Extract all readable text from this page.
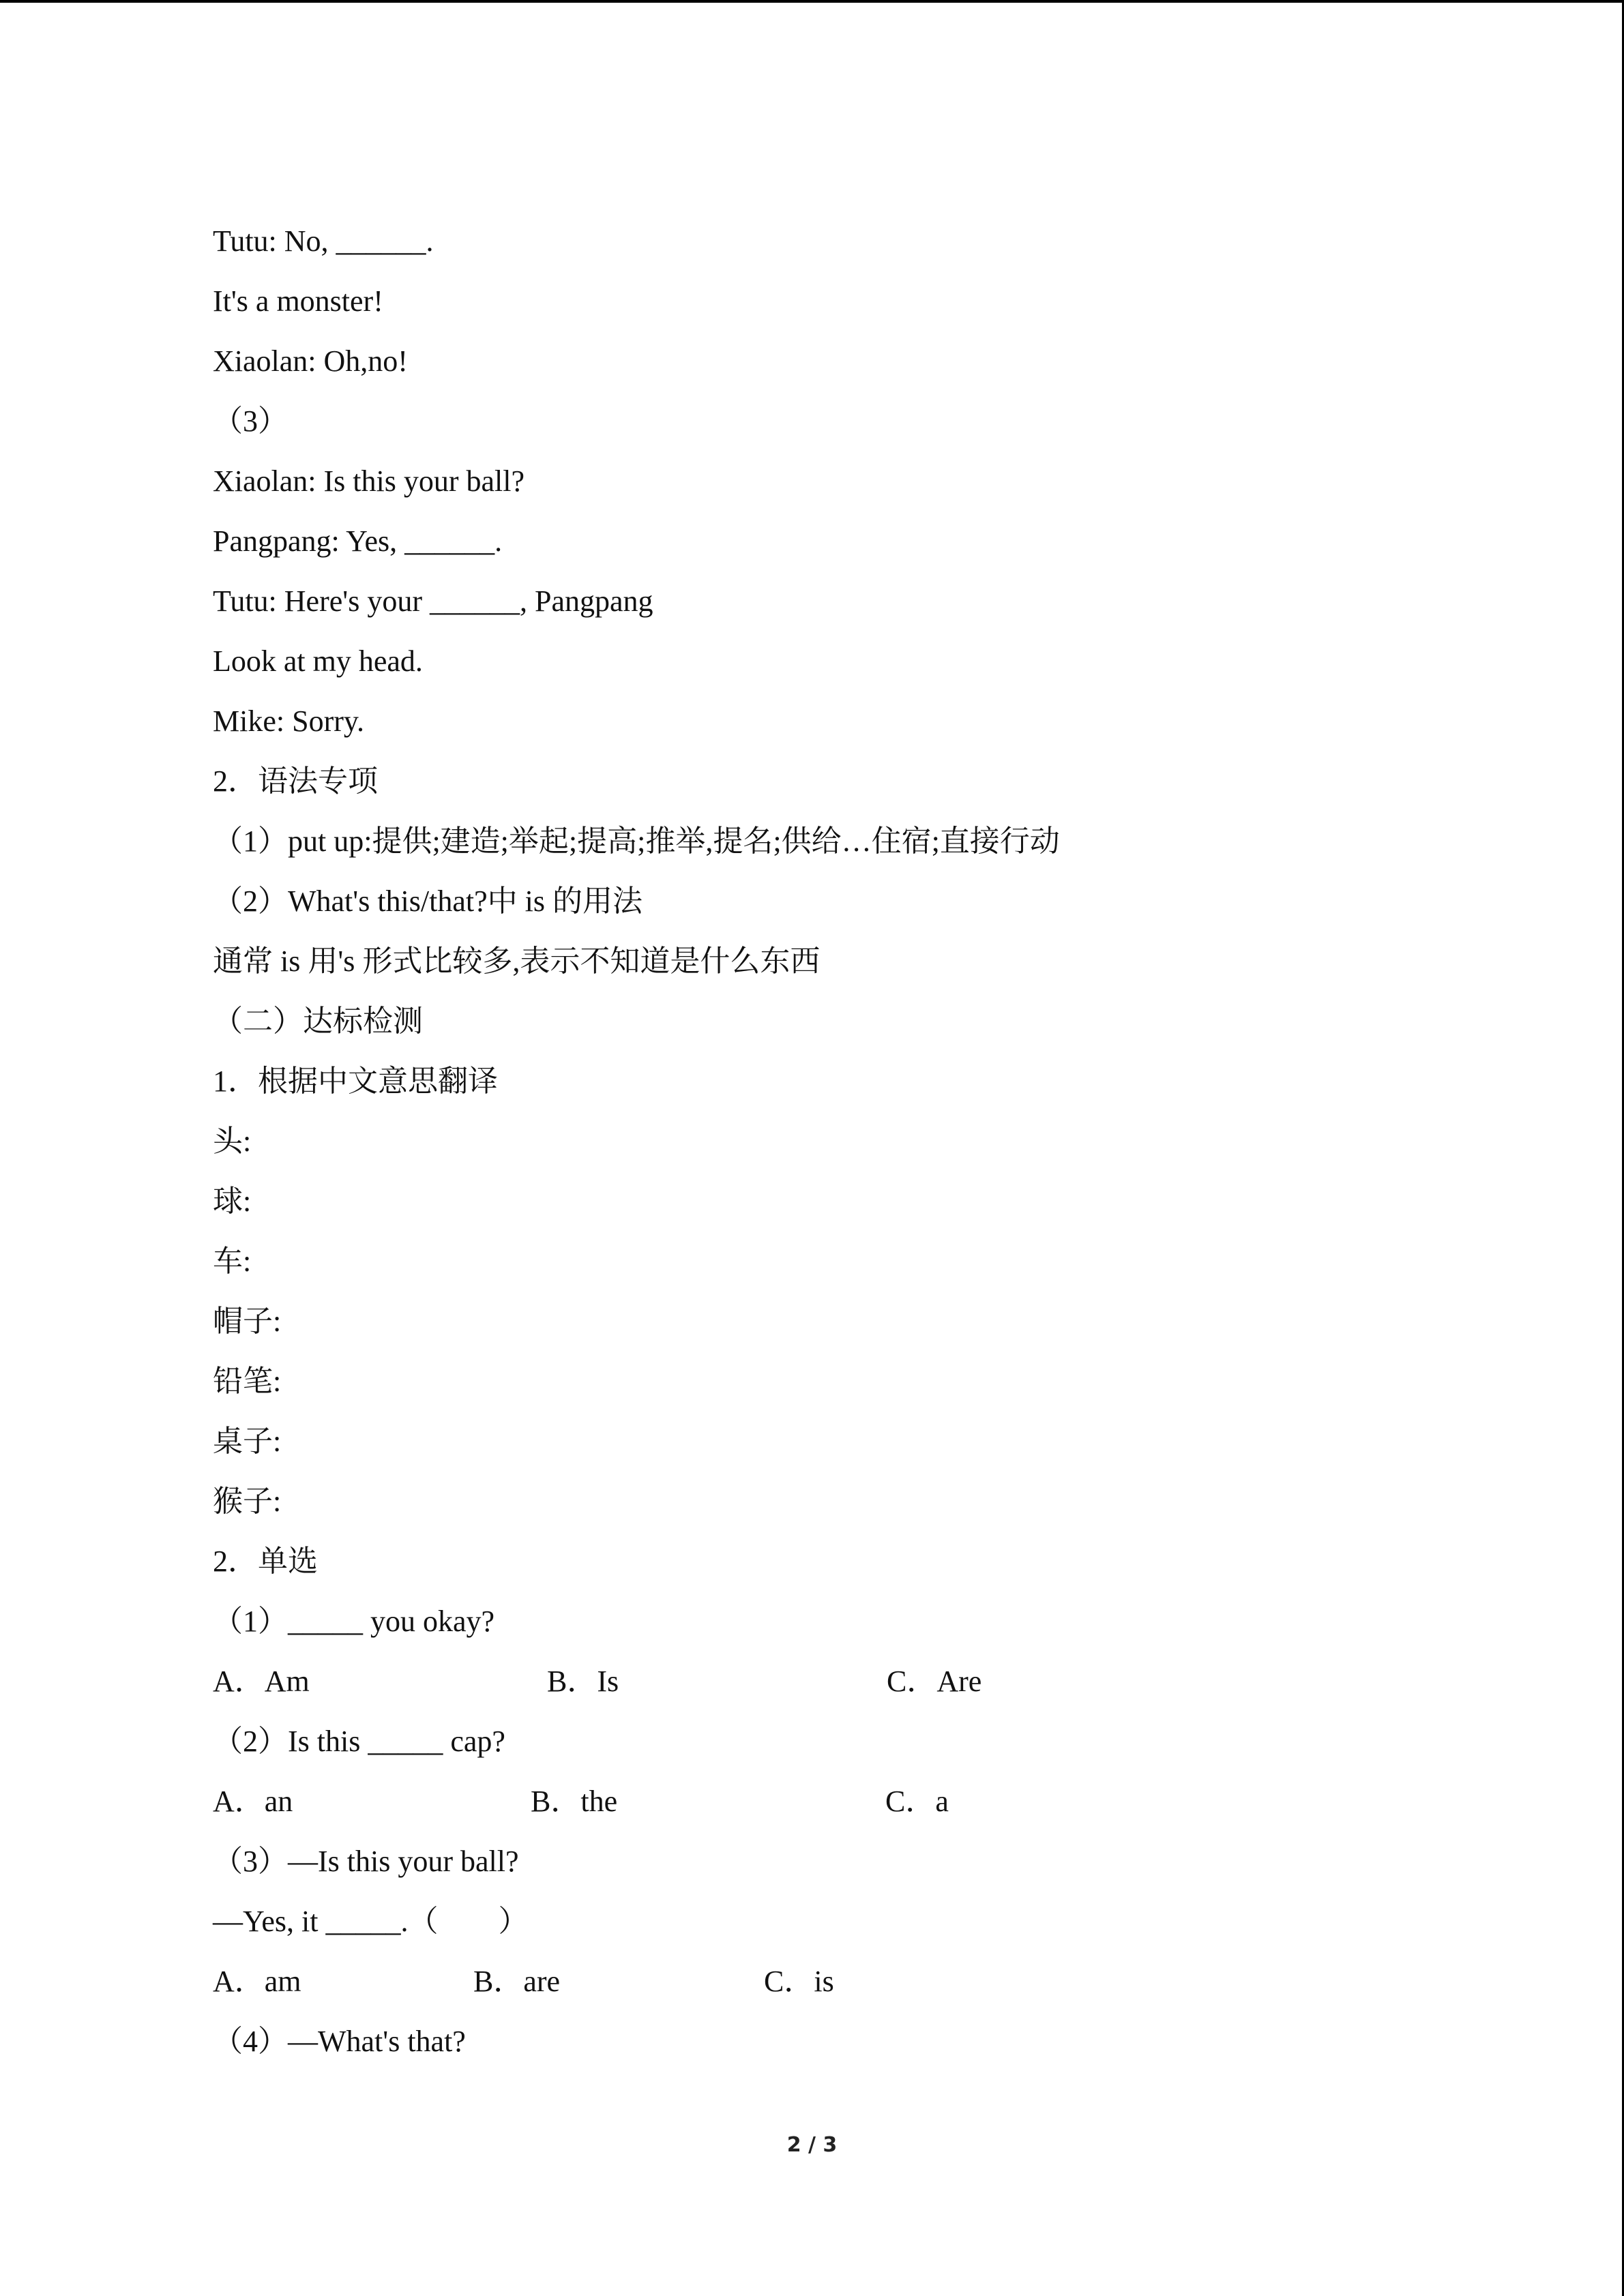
Tutu: No, ______.
It's a monster!
Xiaolan: Oh,no!
（3）
Xiaolan: Is this your ball?
Pangpang: Yes, ______.
Tutu: Here's your ______, Pangpang
Look at my head.
Mike: Sorry.
2．语法专项
（1）put up:提供;建造;举起;提高;推举,提名;供给…住宿;直接行动
（2）What's this/that?中 is 的用法
通常 is 用's 形式比较多,表示不知道是什么东西
（二）达标检测
1．根据中文意思翻译
头:
球:
车:
帽子:
铅笔:
桌子:
猴子:
2．单选
（1）_____ you okay?
A．Am	B．Is	C．Are
（2）Is this _____ cap?
A．an	B．the	C．a
（3）—Is this your ball?
—Yes, it _____.（　　）
A．am	B．are	C．is
（4）—What's that?
2 / 3
